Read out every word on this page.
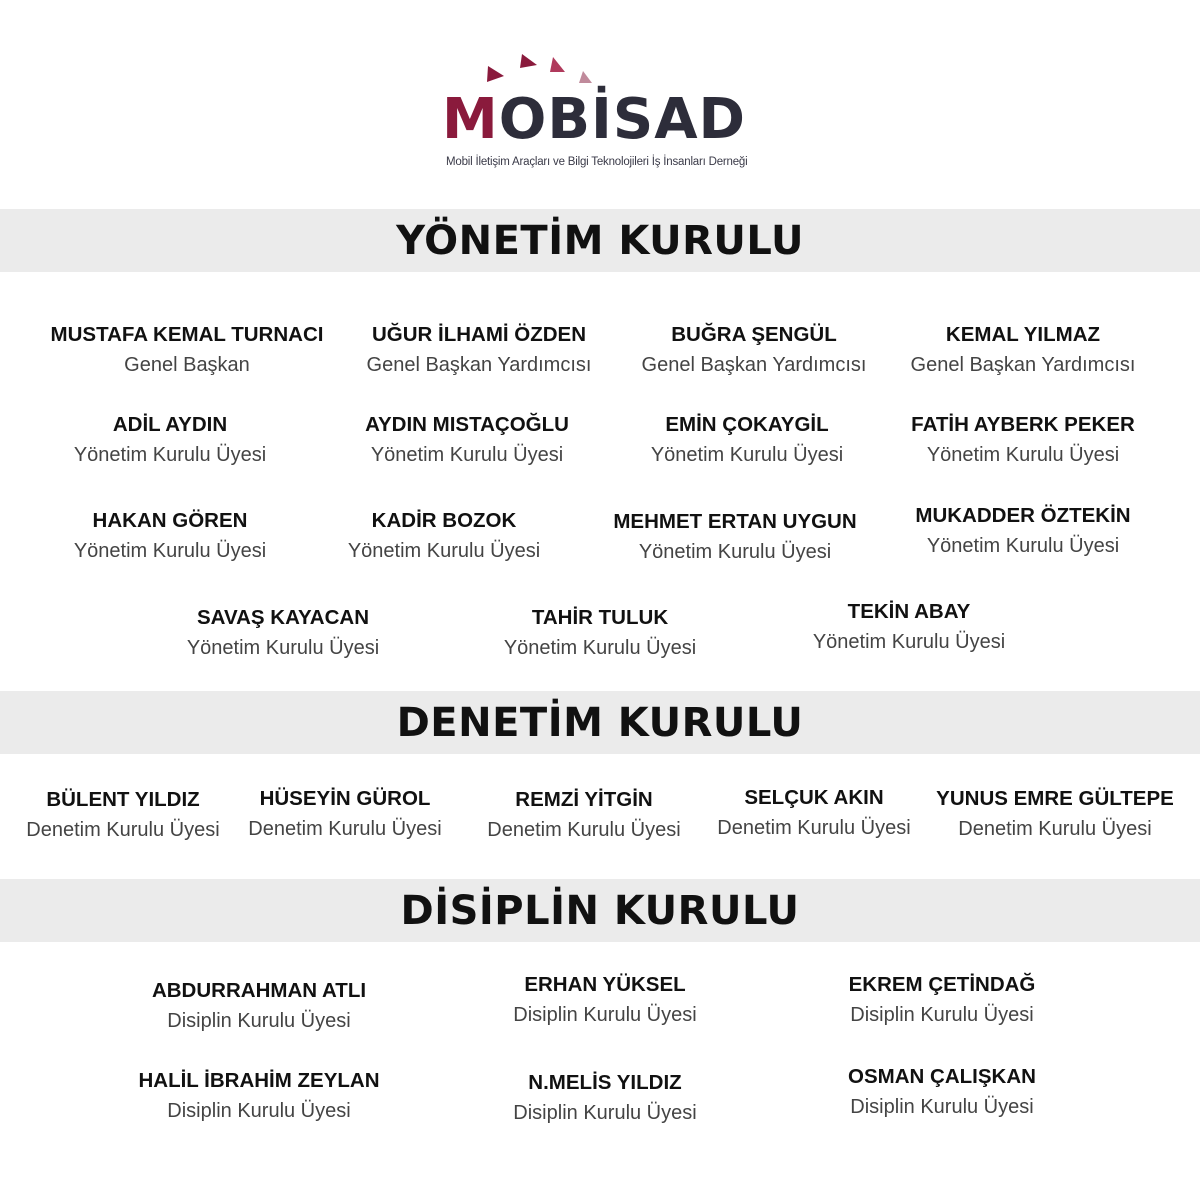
MOBİSAD
Mobil İletişim Araçları ve Bilgi Teknolojileri İş İnsanları Derneği
YÖNETİM KURULU
MUSTAFA KEMAL TURNACI
Genel Başkan
UĞUR İLHAMİ ÖZDEN
Genel Başkan Yardımcısı
BUĞRA ŞENGÜL
Genel Başkan Yardımcısı
KEMAL YILMAZ
Genel Başkan Yardımcısı
ADİL AYDIN
Yönetim Kurulu Üyesi
AYDIN MISTAÇOĞLU
Yönetim Kurulu Üyesi
EMİN ÇOKAYGİL
Yönetim Kurulu Üyesi
FATİH AYBERK PEKER
Yönetim Kurulu Üyesi
HAKAN GÖREN
Yönetim Kurulu Üyesi
KADİR BOZOK
Yönetim Kurulu Üyesi
MEHMET ERTAN UYGUN
Yönetim Kurulu Üyesi
MUKADDER ÖZTEKİN
Yönetim Kurulu Üyesi
SAVAŞ KAYACAN
Yönetim Kurulu Üyesi
TAHİR TULUK
Yönetim Kurulu Üyesi
TEKİN ABAY
Yönetim Kurulu Üyesi
DENETİM KURULU
BÜLENT YILDIZ
Denetim Kurulu Üyesi
HÜSEYİN GÜROL
Denetim Kurulu Üyesi
REMZİ YİTGİN
Denetim Kurulu Üyesi
SELÇUK AKIN
Denetim Kurulu Üyesi
YUNUS EMRE GÜLTEPE
Denetim Kurulu Üyesi
DİSİPLİN KURULU
ABDURRAHMAN ATLI
Disiplin Kurulu Üyesi
ERHAN YÜKSEL
Disiplin Kurulu Üyesi
EKREM ÇETİNDAĞ
Disiplin Kurulu Üyesi
HALİL İBRAHİM ZEYLAN
Disiplin Kurulu Üyesi
N.MELİS YILDIZ
Disiplin Kurulu Üyesi
OSMAN ÇALIŞKAN
Disiplin Kurulu Üyesi
